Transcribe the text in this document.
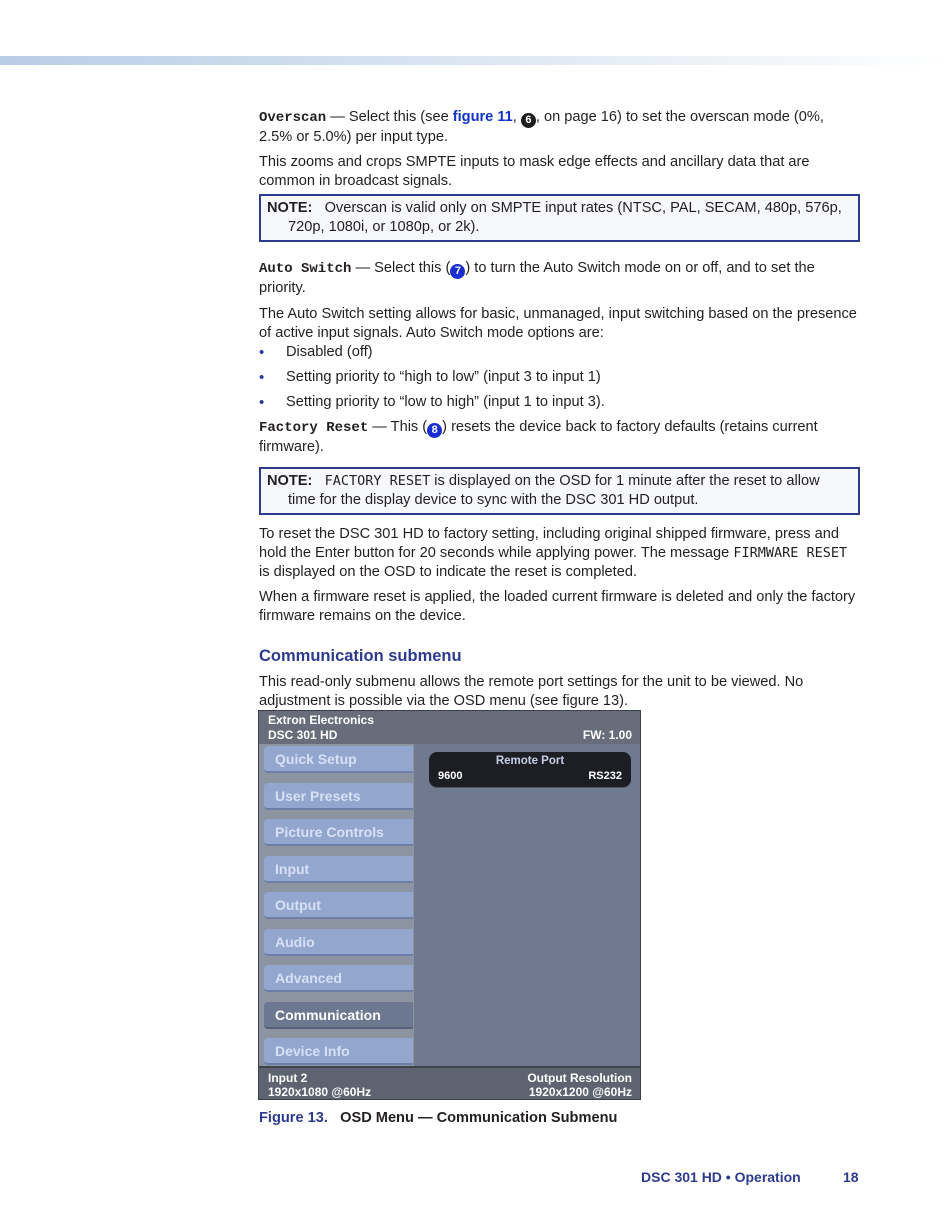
Overscan — Select this (see figure 11, 6 , on page 16) to set the overscan mode (0%, 2.5% or 5.0%) per input type.

This zooms and crops SMPTE inputs to mask edge effects and ancillary data that are common in broadcast signals.

NOTE: Overscan is valid only on SMPTE input rates (NTSC, PAL, SECAM, 480p, 576p, 720p, 1080i, or 1080p, or 2k).

Auto Switch — Select this ( 7 ) to turn the Auto Switch mode on or off, and to set the priority.

The Auto Switch setting allows for basic, unmanaged, input switching based on the presence of active input signals. Auto Switch mode options are:

• Disabled (off)
• Setting priority to “high to low” (input 3 to input 1)
• Setting priority to “low to high” (input 1 to input 3).

Factory Reset — This ( 8 ) resets the device back to factory defaults (retains current firmware).

NOTE: FACTORY RESET is displayed on the OSD for 1 minute after the reset to allow time for the display device to sync with the DSC 301 HD output.

To reset the DSC 301 HD to factory setting, including original shipped firmware, press and hold the Enter button for 20 seconds while applying power. The message FIRMWARE RESET is displayed on the OSD to indicate the reset is completed.

When a firmware reset is applied, the loaded current firmware is deleted and only the factory firmware remains on the device.

Communication submenu

This read-only submenu allows the remote port settings for the unit to be viewed. No adjustment is possible via the OSD menu (see figure 13).

Extron Electronics
DSC 301 HD	FW: 1.00
Quick Setup
User Presets
Picture Controls
Input
Output
Audio
Advanced
Communication
Device Info
Remote Port
9600	RS232
Input 2
1920x1080 @60Hz
Output Resolution
1920x1200 @60Hz
Figure 13. OSD Menu — Communication Submenu
DSC 301 HD • Operation	18
